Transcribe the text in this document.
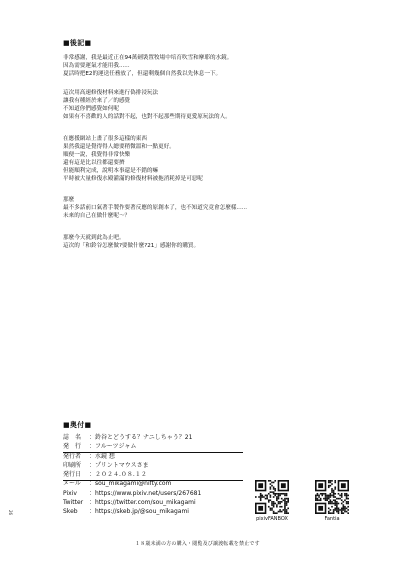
■後記■
非常感謝，我是最近正在94萬劍裝置牧場中培育吹雪和摩耶的水鏡。
因為需要運氣才能用我......
夏活時把E2的運送任務放了，但還剩幾個自然我以先休息一下。
這次用高速修復材料來進行偽排浸玩法
讓我有種經於來了／的感覺
不知道你們感覺如何呢
如果有不喜歡的人的話對不起，也對不起那些期待更愛原玩法的人。
在應援網站上畫了很多這樣的東西
果然我還是覺得得人總要稍微溫和一點更好。
順便一說，我覺得非常快樂
還有這是比以往都還要擠
但能順利完成，說明本事還是不錯的嘛
平時被大量修復水殿灌滿的修復材料被拖消耗掉是可惡呢
那麼
最不多話前口氣著手製作要著反應的原創本了，也不知道究竟會怎麼樣......
未來的自己在做什麼呢～？
那麼今天就到此為止吧。
這次的「和鈴谷怎麼做?要做什麼?21」感謝你的購買。
■奥付■
誌　名	： 鈴谷とどうする？ナニしちゃう？21
発　行	： フルーツジャム
発行者	： 水鏡 想
印刷所	： プリントマウスさま
発行日	： ２０２４.０８.１２
メール	： sou_mikagami@nifty.com
Pixiv	： https://www.pixiv.net/users/267681
Twitter ： https://twitter.com/sou_mikagami
Skeb	： https://skeb.jp/@sou_mikagami
pixivFANBOX	Fantia
１８歳未満の方の購入・閲覧及び譲渡転載を禁止です
26
